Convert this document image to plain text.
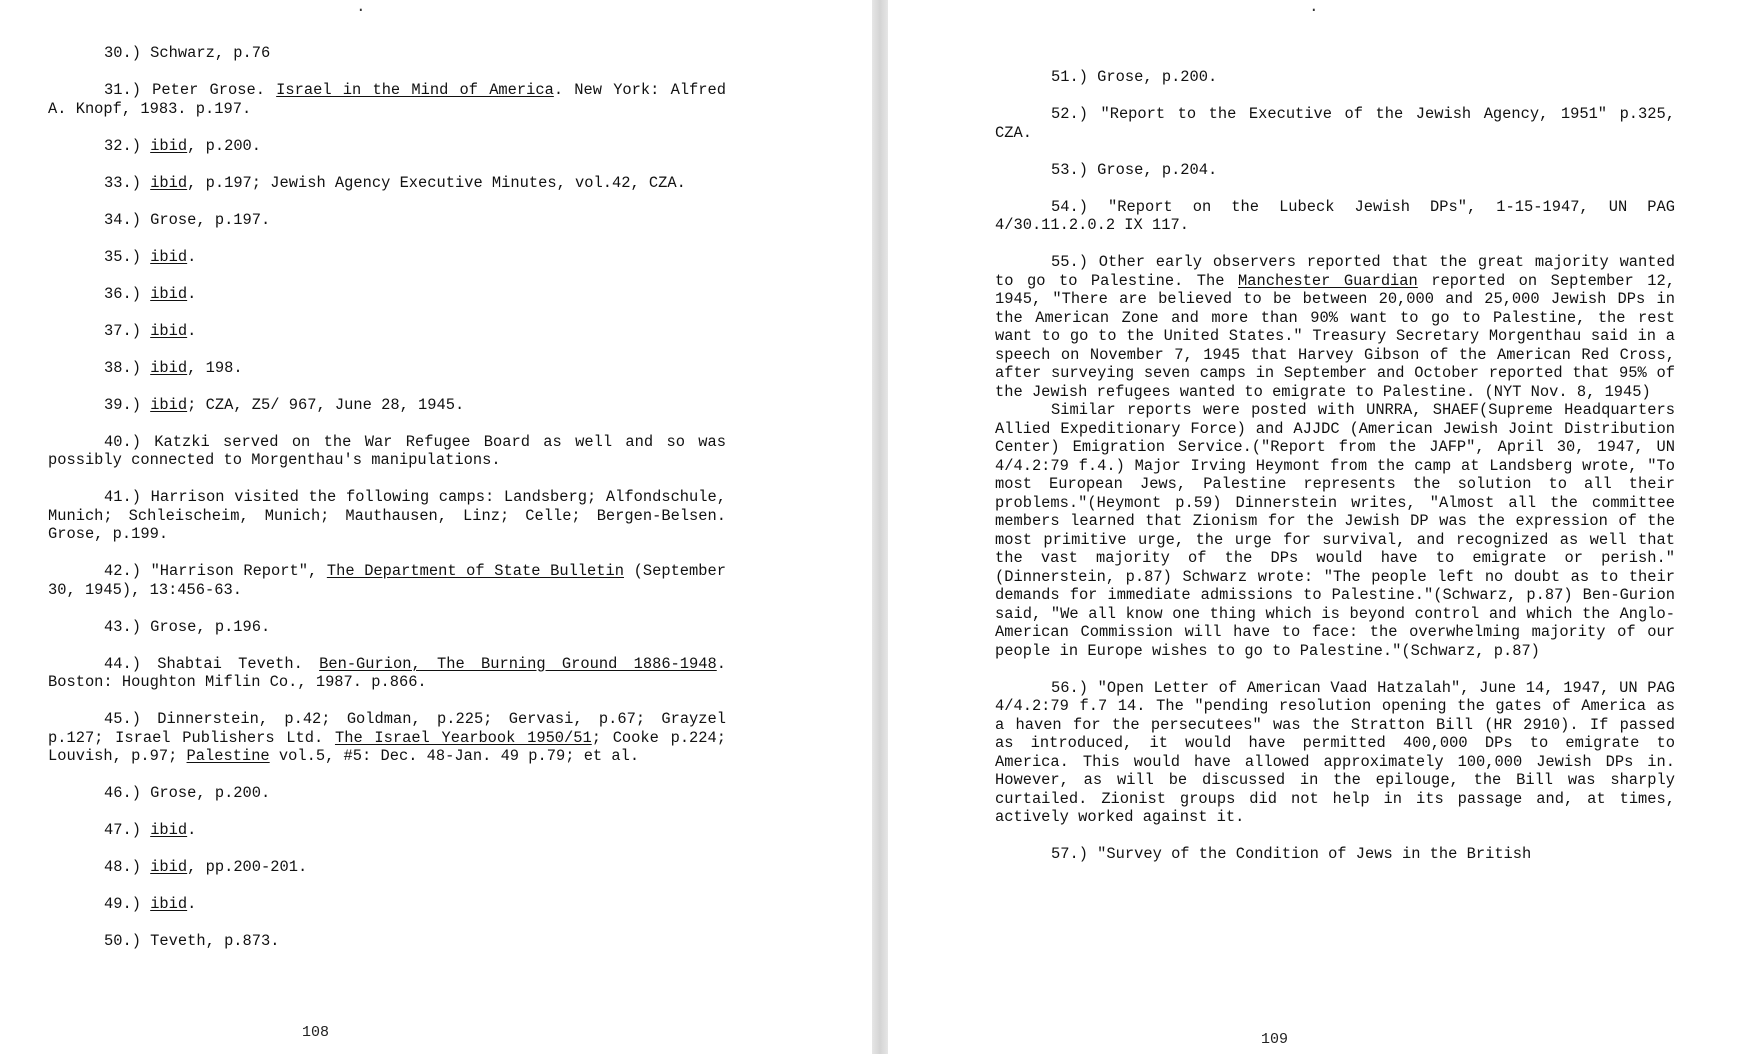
·
30.) Schwarz, p.76
31.) Peter Grose. Israel in the Mind of America. New York: Alfred A. Knopf, 1983. p.197.
32.) ibid, p.200.
33.) ibid, p.197; Jewish Agency Executive Minutes, vol.42, CZA.
34.) Grose, p.197.
35.) ibid.
36.) ibid.
37.) ibid.
38.) ibid, 198.
39.) ibid; CZA, Z5/ 967, June 28, 1945.
40.) Katzki served on the War Refugee Board as well and so was possibly connected to Morgenthau's manipulations.
41.) Harrison visited the following camps: Landsberg; Alfondschule, Munich; Schleischeim, Munich; Mauthausen, Linz; Celle; Bergen-Belsen. Grose, p.199.
42.) "Harrison Report", The Department of State Bulletin (September 30, 1945), 13:456-63.
43.) Grose, p.196.
44.) Shabtai Teveth. Ben-Gurion, The Burning Ground 1886-1948. Boston: Houghton Miflin Co., 1987. p.866.
45.) Dinnerstein, p.42; Goldman, p.225; Gervasi, p.67; Grayzel p.127; Israel Publishers Ltd. The Israel Yearbook 1950/51; Cooke p.224; Louvish, p.97; Palestine vol.5, #5: Dec. 48-Jan. 49 p.79; et al.
46.) Grose, p.200.
47.) ibid.
48.) ibid, pp.200-201.
49.) ibid.
50.) Teveth, p.873.
108
·
51.) Grose, p.200.
52.) "Report to the Executive of the Jewish Agency, 1951" p.325, CZA.
53.) Grose, p.204.
54.) "Report on the Lubeck Jewish DPs", 1-15-1947, UN PAG 4/30.11.2.0.2 IX 117.
55.) Other early observers reported that the great majority wanted to go to Palestine. The Manchester Guardian reported on September 12, 1945, "There are believed to be between 20,000 and 25,000 Jewish DPs in the American Zone and more than 90% want to go to Palestine, the rest want to go to the United States." Treasury Secretary Morgenthau said in a speech on November 7, 1945 that Harvey Gibson of the American Red Cross, after surveying seven camps in September and October reported that 95% of the Jewish refugees wanted to emigrate to Palestine. (NYT Nov. 8, 1945)
Similar reports were posted with UNRRA, SHAEF(Supreme Headquarters Allied Expeditionary Force) and AJJDC (American Jewish Joint Distribution Center) Emigration Service.("Report from the JAFP", April 30, 1947, UN 4/4.2:79 f.4.) Major Irving Heymont from the camp at Landsberg wrote, "To most European Jews, Palestine represents the solution to all their problems."(Heymont p.59) Dinnerstein writes, "Almost all the committee members learned that Zionism for the Jewish DP was the expression of the most primitive urge, the urge for survival, and recognized as well that the vast majority of the DPs would have to emigrate or perish."(Dinnerstein, p.87) Schwarz wrote: "The people left no doubt as to their demands for immediate admissions to Palestine."(Schwarz, p.87) Ben-Gurion said, "We all know one thing which is beyond control and which the Anglo-American Commission will have to face: the overwhelming majority of our people in Europe wishes to go to Palestine."(Schwarz, p.87)
56.) "Open Letter of American Vaad Hatzalah", June 14, 1947, UN PAG 4/4.2:79 f.7 14. The "pending resolution opening the gates of America as a haven for the persecutees" was the Stratton Bill (HR 2910). If passed as introduced, it would have permitted 400,000 DPs to emigrate to America. This would have allowed approximately 100,000 Jewish DPs in. However, as will be discussed in the epilouge, the Bill was sharply curtailed. Zionist groups did not help in its passage and, at times, actively worked against it.
57.) "Survey of the Condition of Jews in the British
109
